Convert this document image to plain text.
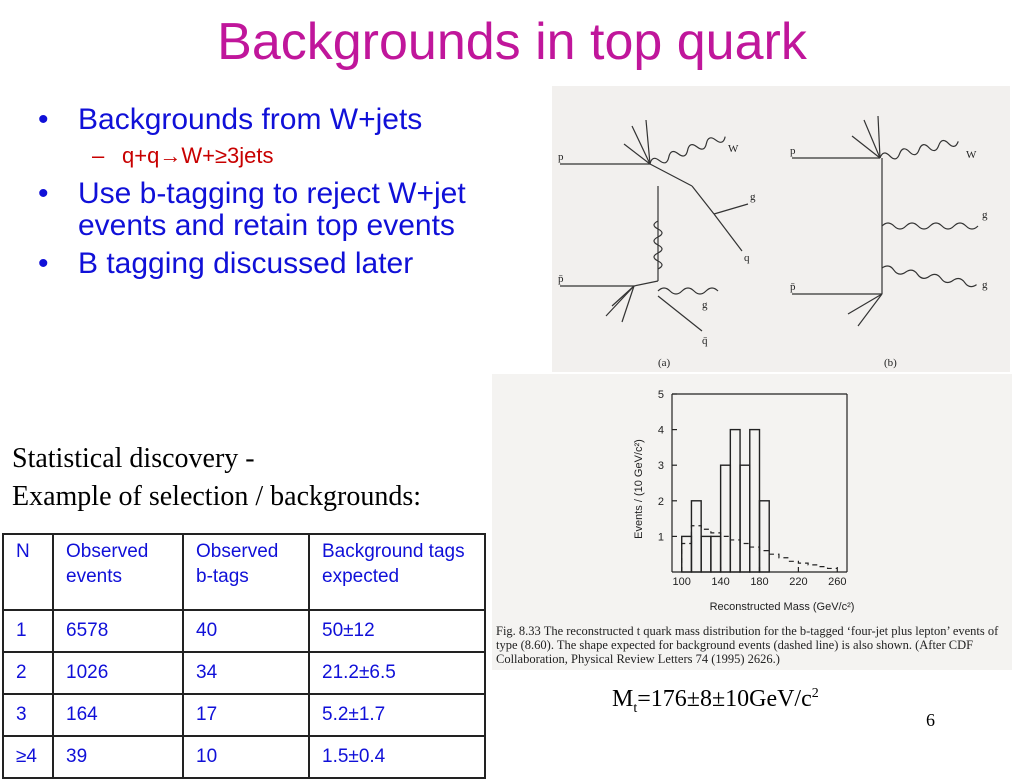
Backgrounds in top quark
• Backgrounds from W+jets
– q+q→W+≥3jets
• Use b-tagging to reject W+jet events and retain top events
• B tagging discussed later
p
p̄
W
g
q
g
q̄
p
p̄
W
g
g
(a)	(b)
100 140 180 220 260
1
2
3
4
5
Reconstructed Mass (GeV/c²)
Events / (10 GeV/c²)
Fig. 8.33 The reconstructed t quark mass distribution for the b-tagged ‘four-jet plus lepton’ events of type (8.60). The shape expected for background events (dashed line) is also shown. (After CDF Collaboration, Physical Review Letters 74 (1995) 2626.)
Statistical discovery -
Example of selection / backgrounds:
N	Observed events	Observed b-tags	Background tags expected
1	6578	40	50±12
2	1026	34	21.2±6.5
3	164	17	5.2±1.7
≥4	39	10	1.5±0.4
$M_t=176\pm 8\pm 10GeV/c^2$
6
